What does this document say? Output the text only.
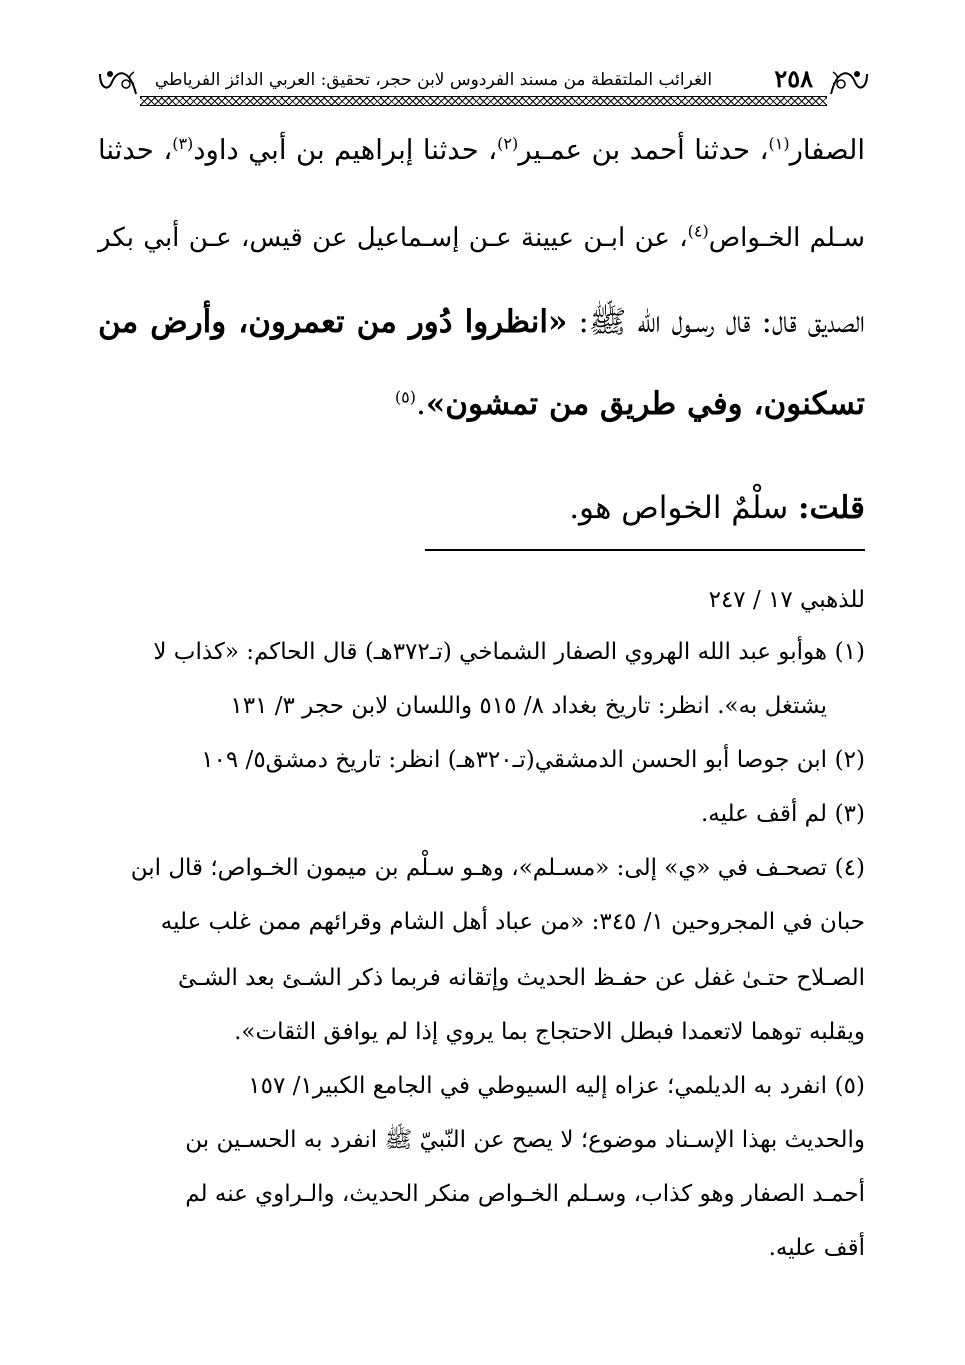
٢٥٨
الغرائب الملتقطة من مسند الفردوس لابن حجر، تحقيق: العربي الدائز الفرياطي
الصفار$^{(١)}$، حدثنا أحمد بن عمـير$^{(٢)}$، حدثنا إبراهيم بن أبي داود$^{(٣)}$، حدثنا
سـلم الخـواص$^{(٤)}$، عن ابـن عيينة عـن إسـماعيل عن قيس، عـن أبي بكر
الصديق قال: قال رسـول الله ﷺ: «انظروا دُور من تعمرون، وأرض من
تسكنون، وفي طريق من تمشون».$^{(٥)}$
قلت: سلْمٌ الخواص هو.
للذهبي ١٧ / ٢٤٧
(١)
هوأبو عبد الله الهروي الصفار الشماخي (تـ٣٧٢هـ) قال الحاكم: «كذاب لا
يشتغل به». انظر: تاريخ بغداد ٨/ ٥١٥ واللسان لابن حجر ٣/ ١٣١
(٢)
ابن جوصا أبو الحسن الدمشقي(تـ٣٢٠هـ) انظر: تاريخ دمشق٥/ ١٠٩
(٣)
لم أقف عليه.
(٤)
تصحـف في «ي» إلى: «مسـلم»، وهـو سـلْم بن ميمون الخـواص؛ قال ابن
حبان في المجروحين ١/ ٣٤٥: «من عباد أهل الشام وقرائهم ممن غلب عليه
الصـلاح حتـىٰ غفل عن حفـظ الحديث وإتقانه فربما ذكر الشـئ بعد الشـئ
ويقلبه توهما لاتعمدا فبطل الاحتجاج بما يروي إذا لم يوافق الثقات».
(٥)
انفرد به الديلمي؛ عزاه إليه السيوطي في الجامع الكبير١/ ١٥٧
والحديث بهذا الإسـناد موضوع؛ لا يصح عن النّبيّ ﷺ انفرد به الحسـين بن
أحمـد الصفار وهو كذاب، وسـلم الخـواص منكر الحديث، والـراوي عنه لم
أقف عليه.
